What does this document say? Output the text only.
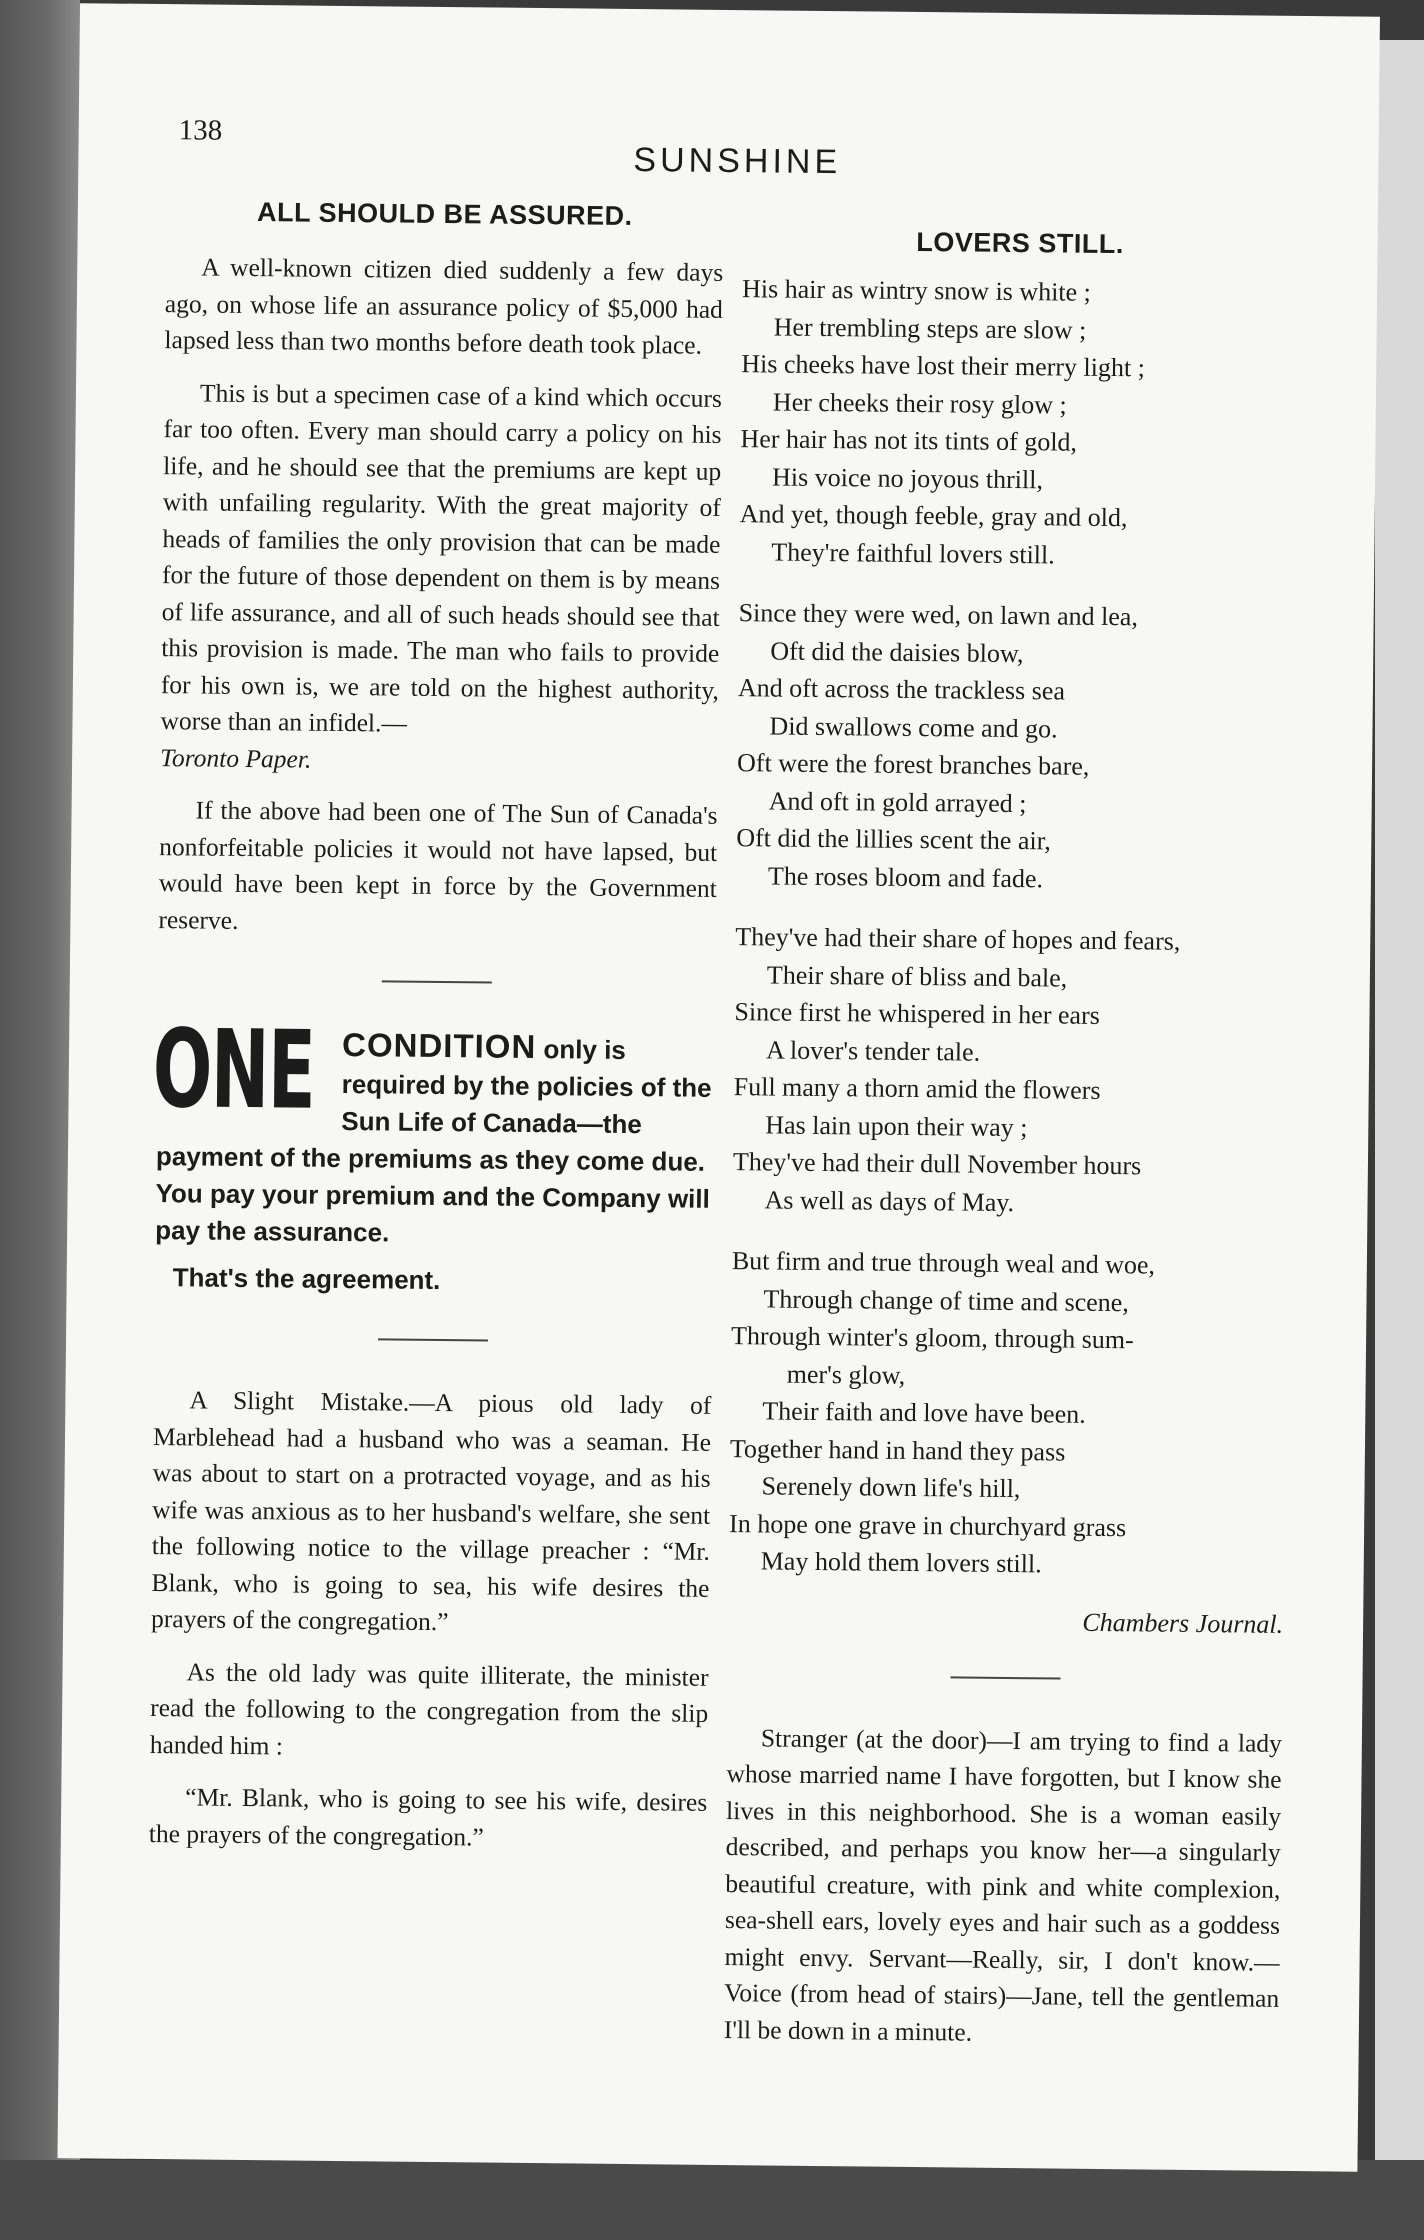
138
SUNSHINE
ALL SHOULD BE ASSURED.

A well-known citizen died suddenly a few days ago, on whose life an assurance policy of $5,000 had lapsed less than two months before death took place.

This is but a specimen case of a kind which occurs far too often. Every man should carry a policy on his life, and he should see that the premiums are kept up with unfailing regularity. With the great majority of heads of families the only provision that can be made for the future of those dependent on them is by means of life assurance, and all of such heads should see that this provision is made. The man who fails to provide for his own is, we are told on the highest authority, worse than an infidel.—
Toronto Paper.

If the above had been one of The Sun of Canada's nonforfeitable policies it would not have lapsed, but would have been kept in force by the Government reserve.

ONE CONDITION only is required by the policies of the Sun Life of Canada—the payment of the premiums as they come due. You pay your premium and the Company will pay the assurance.
That's the agreement.

A Slight Mistake.—A pious old lady of Marblehead had a husband who was a seaman. He was about to start on a protracted voyage, and as his wife was anxious as to her husband's welfare, she sent the following notice to the village preacher : “Mr. Blank, who is going to sea, his wife desires the prayers of the congregation.”

As the old lady was quite illiterate, the minister read the following to the congregation from the slip handed him :

“Mr. Blank, who is going to see his wife, desires the prayers of the congregation.”

LOVERS STILL.
His hair as wintry snow is white ;
Her trembling steps are slow ;
His cheeks have lost their merry light ;
Her cheeks their rosy glow ;
Her hair has not its tints of gold,
His voice no joyous thrill,
And yet, though feeble, gray and old,
They're faithful lovers still.
Since they were wed, on lawn and lea,
Oft did the daisies blow,
And oft across the trackless sea
Did swallows come and go.
Oft were the forest branches bare,
And oft in gold arrayed ;
Oft did the lillies scent the air,
The roses bloom and fade.
They've had their share of hopes and fears,
Their share of bliss and bale,
Since first he whispered in her ears
A lover's tender tale.
Full many a thorn amid the flowers
Has lain upon their way ;
They've had their dull November hours
As well as days of May.
But firm and true through weal and woe,
Through change of time and scene,
Through winter's gloom, through sum-
mer's glow,
Their faith and love have been.
Together hand in hand they pass
Serenely down life's hill,
In hope one grave in churchyard grass
May hold them lovers still.
Chambers Journal.

Stranger (at the door)—I am trying to find a lady whose married name I have forgotten, but I know she lives in this neighborhood. She is a woman easily described, and perhaps you know her—a singularly beautiful creature, with pink and white complexion, sea-shell ears, lovely eyes and hair such as a goddess might envy. Servant—Really, sir, I don't know.— Voice (from head of stairs)—Jane, tell the gentleman I'll be down in a minute.
